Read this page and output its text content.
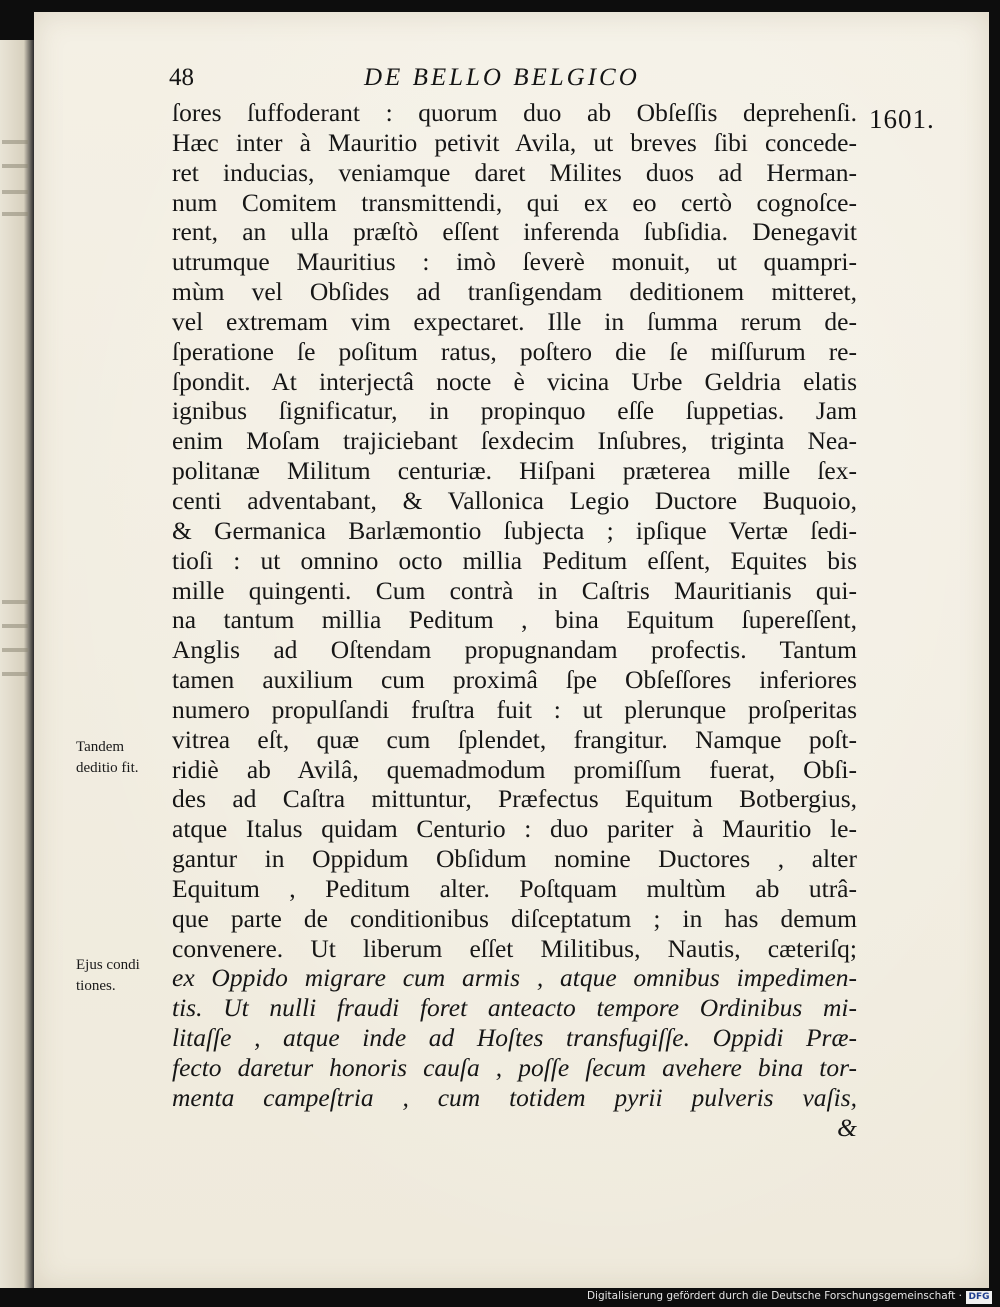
48	DE BELLO BELGICO
1601.
ſores ſuffoderant : quorum duo ab Obſeſſis deprehenſi.
Hæc inter à Mauritio petivit Avila, ut breves ſibi concede-
ret inducias, veniamque daret Milites duos ad Herman-
num Comitem transmittendi, qui ex eo certò cognoſce-
rent, an ulla præſtò eſſent inferenda ſubſidia. Denegavit
utrumque Mauritius : imò ſeverè monuit, ut quampri-
mùm vel Obſides ad tranſigendam deditionem mitteret,
vel extremam vim expectaret. Ille in ſumma rerum de-
ſperatione ſe poſitum ratus, poſtero die ſe miſſurum re-
ſpondit. At interjectâ nocte è vicina Urbe Geldria elatis
ignibus ſignificatur, in propinquo eſſe ſuppetias. Jam
enim Moſam trajiciebant ſexdecim Inſubres, triginta Nea-
politanæ Militum centuriæ. Hiſpani præterea mille ſex-
centi adventabant, & Vallonica Legio Ductore Buquoio,
& Germanica Barlæmontio ſubjecta ; ipſique Vertæ ſedi-
tioſi : ut omnino octo millia Peditum eſſent, Equites bis
mille quingenti. Cum contrà in Caſtris Mauritianis qui-
na tantum millia Peditum , bina Equitum ſupereſſent,
Anglis ad Oſtendam propugnandam profectis. Tantum
tamen auxilium cum proximâ ſpe Obſeſſores inferiores
numero propulſandi fruſtra fuit : ut plerunque proſperitas
vitrea eſt, quæ cum ſplendet, frangitur. Namque poſt-
ridiè ab Avilâ, quemadmodum promiſſum fuerat, Obſi-
des ad Caſtra mittuntur, Præfectus Equitum Botbergius,
atque Italus quidam Centurio : duo pariter à Mauritio le-
gantur in Oppidum Obſidum nomine Ductores , alter
Equitum , Peditum alter. Poſtquam multùm ab utrâ-
que parte de conditionibus diſceptatum ; in has demum
convenere. Ut liberum eſſet Militibus, Nautis, cæteriſq;
ex Oppido migrare cum armis , atque omnibus impedimen-
tis. Ut nulli fraudi foret anteacto tempore Ordinibus mi-
litaſſe , atque inde ad Hoſtes transfugiſſe. Oppidi Præ-
fecto daretur honoris cauſa , poſſe ſecum avehere bina tor-
menta campeſtria , cum totidem pyrii pulveris vaſis,
&
Tandem
deditio fit.
Ejus condi
tiones.
Digitalisierung gefördert durch die Deutsche Forschungsgemeinschaft · DFG
